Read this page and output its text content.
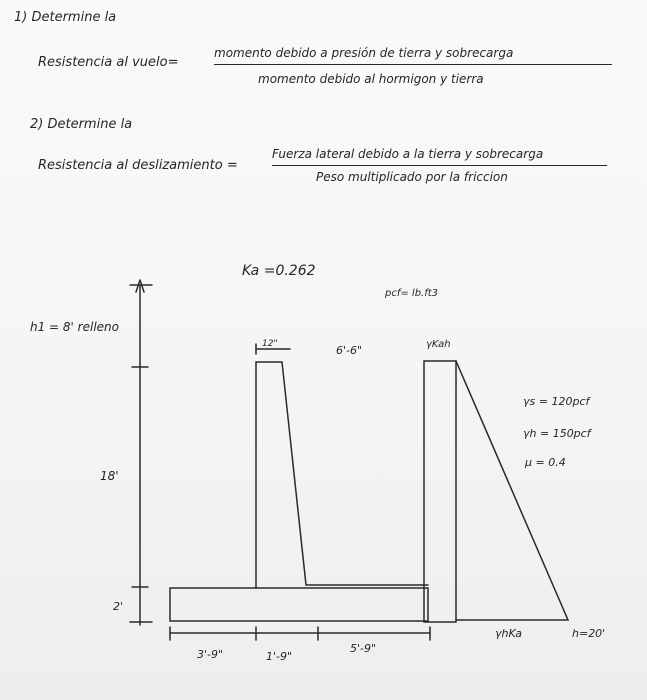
1) Determine la
Resistencia al vuelo=
momento debido a presión de tierra y sobrecarga
momento debido al hormigon y tierra
2) Determine la
Resistencia al deslizamiento =
Fuerza lateral debido a la tierra y sobrecarga
Peso multiplicado por la friccion
Ka =0.262
pcf= lb.ft3
h1 = 8' relleno
12"	6'-6"	γKah
γs = 120pcf
γh = 150pcf
μ = 0.4
18'
2'
3'-9"	1'-9"
5'-9"
γhKa	h=20'
